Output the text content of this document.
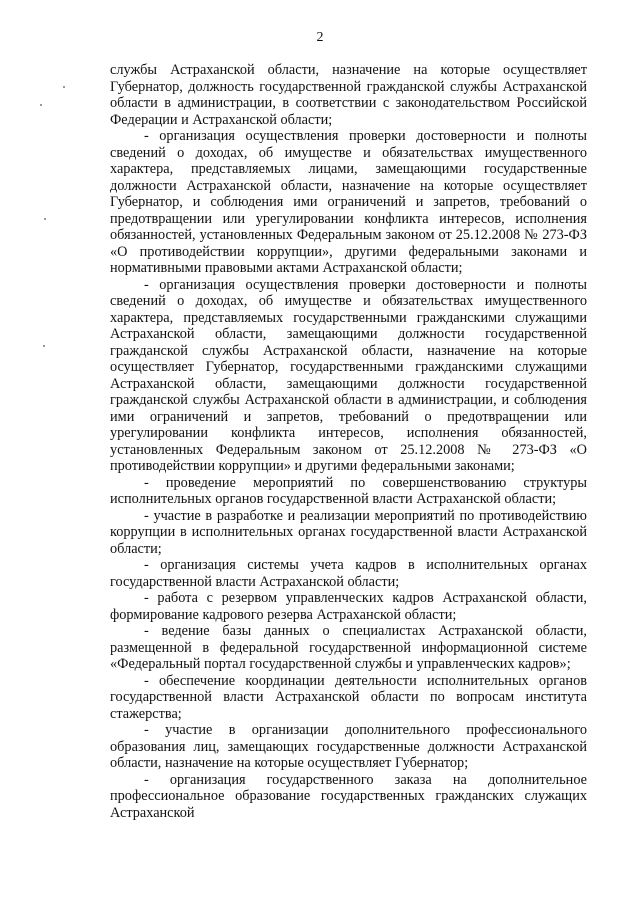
2

службы Астраханской области, назначение на которые осуществляет Губернатор, должность государственной гражданской службы Астраханской области в администрации, в соответствии с законодательством Российской Федерации и Астраханской области;

- организация осуществления проверки достоверности и полноты сведений о доходах, об имуществе и обязательствах имущественного характера, представляемых лицами, замещающими государственные должности Астраханской области, назначение на которые осуществляет Губернатор, и соблюдения ими ограничений и запретов, требований о предотвращении или урегулировании конфликта интересов, исполнения обязанностей, установленных Федеральным законом от 25.12.2008 № 273-ФЗ «О противодействии коррупции», другими федеральными законами и нормативными правовыми актами Астраханской области;

- организация осуществления проверки достоверности и полноты сведений о доходах, об имуществе и обязательствах имущественного характера, представляемых государственными гражданскими служащими Астраханской области, замещающими должности государственной гражданской службы Астраханской области, назначение на которые осуществляет Губернатор, государственными гражданскими служащими Астраханской области, замещающими должности государственной гражданской службы Астраханской области в администрации, и соблюдения ими ограничений и запретов, требований о предотвращении или урегулировании конфликта интересов, исполнения обязанностей, установленных Федеральным законом от 25.12.2008 № 273-ФЗ «О противодействии коррупции» и другими федеральными законами;

- проведение мероприятий по совершенствованию структуры исполнительных органов государственной власти Астраханской области;

- участие в разработке и реализации мероприятий по противодействию коррупции в исполнительных органах государственной власти Астраханской области;

- организация системы учета кадров в исполнительных органах государственной власти Астраханской области;

- работа с резервом управленческих кадров Астраханской области, формирование кадрового резерва Астраханской области;

- ведение базы данных о специалистах Астраханской области, размещенной в федеральной государственной информационной системе «Федеральный портал государственной службы и управленческих кадров»;

- обеспечение координации деятельности исполнительных органов государственной власти Астраханской области по вопросам института стажерства;

- участие в организации дополнительного профессионального образования лиц, замещающих государственные должности Астраханской области, назначение на которые осуществляет Губернатор;

- организация государственного заказа на дополнительное профессиональное образование государственных гражданских служащих Астраханской
